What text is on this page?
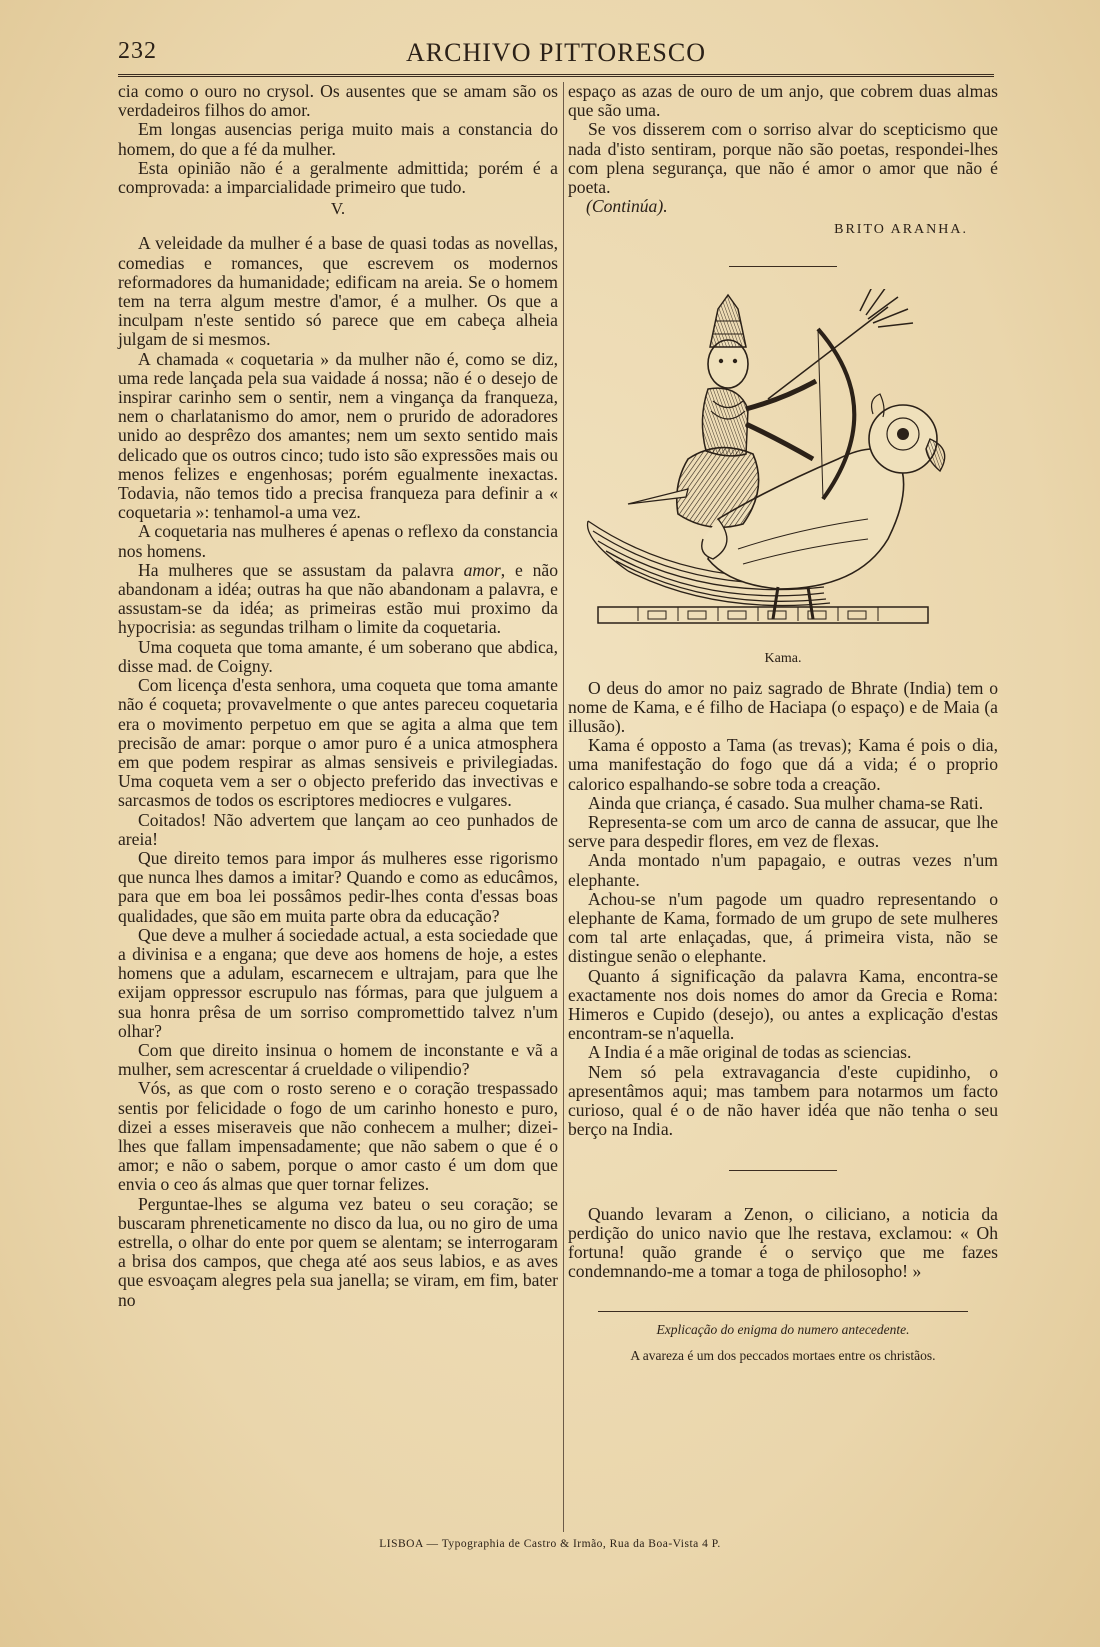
232	ARCHIVO PITTORESCO

cia como o ouro no crysol. Os ausentes que se amam são os verdadeiros filhos do amor.

Em longas ausencias periga muito mais a constancia do homem, do que a fé da mulher.

Esta opinião não é a geralmente admittida; porém é a comprovada: a imparcialidade primeiro que tudo.

V.

A veleidade da mulher é a base de quasi todas as novellas, comedias e romances, que escrevem os modernos reformadores da humanidade; edificam na areia. Se o homem tem na terra algum mestre d'amor, é a mulher. Os que a inculpam n'este sentido só parece que em cabeça alheia julgam de si mesmos.

A chamada « coquetaria » da mulher não é, como se diz, uma rede lançada pela sua vaidade á nossa; não é o desejo de inspirar carinho sem o sentir, nem a vingança da franqueza, nem o charlatanismo do amor, nem o prurido de adoradores unido ao desprêzo dos amantes; nem um sexto sentido mais delicado que os outros cinco; tudo isto são expressões mais ou menos felizes e engenhosas; porém egualmente inexactas. Todavia, não temos tido a precisa franqueza para definir a « coquetaria »: tenhamol-a uma vez.

A coquetaria nas mulheres é apenas o reflexo da constancia nos homens.

Ha mulheres que se assustam da palavra amor, e não abandonam a idéa; outras ha que não abandonam a palavra, e assustam-se da idéa; as primeiras estão mui proximo da hypocrisia: as segundas trilham o limite da coquetaria.

Uma coqueta que toma amante, é um soberano que abdica, disse mad. de Coigny.

Com licença d'esta senhora, uma coqueta que toma amante não é coqueta; provavelmente o que antes pareceu coquetaria era o movimento perpetuo em que se agita a alma que tem precisão de amar: porque o amor puro é a unica atmosphera em que podem respirar as almas sensiveis e privilegiadas. Uma coqueta vem a ser o objecto preferido das invectivas e sarcasmos de todos os escriptores mediocres e vulgares.

Coitados! Não advertem que lançam ao ceo punhados de areia!

Que direito temos para impor ás mulheres esse rigorismo que nunca lhes damos a imitar? Quando e como as educâmos, para que em boa lei possâmos pedir-lhes conta d'essas boas qualidades, que são em muita parte obra da educação?

Que deve a mulher á sociedade actual, a esta sociedade que a divinisa e a engana; que deve aos homens de hoje, a estes homens que a adulam, escarnecem e ultrajam, para que lhe exijam oppressor escrupulo nas fórmas, para que julguem a sua honra prêsa de um sorriso compromettido talvez n'um olhar?

Com que direito insinua o homem de inconstante e vã a mulher, sem acrescentar á crueldade o vilipendio?

Vós, as que com o rosto sereno e o coração trespassado sentis por felicidade o fogo de um carinho honesto e puro, dizei a esses miseraveis que não conhecem a mulher; dizei-lhes que fallam impensadamente; que não sabem o que é o amor; e não o sabem, porque o amor casto é um dom que envia o ceo ás almas que quer tornar felizes.

Perguntae-lhes se alguma vez bateu o seu coração; se buscaram phreneticamente no disco da lua, ou no giro de uma estrella, o olhar do ente por quem se alentam; se interrogaram a brisa dos campos, que chega até aos seus labios, e as aves que esvoaçam alegres pela sua janella; se viram, em fim, bater no

espaço as azas de ouro de um anjo, que cobrem duas almas que são uma.

Se vos disserem com o sorriso alvar do scepticismo que nada d'isto sentiram, porque não são poetas, respondei-lhes com plena segurança, que não é amor o amor que não é poeta.

(Continúa).
BRITO ARANHA.
Kama.

O deus do amor no paiz sagrado de Bhrate (India) tem o nome de Kama, e é filho de Haciapa (o espaço) e de Maia (a illusão).

Kama é opposto a Tama (as trevas); Kama é pois o dia, uma manifestação do fogo que dá a vida; é o proprio calorico espalhando-se sobre toda a creação.

Ainda que criança, é casado. Sua mulher chama-se Rati.

Representa-se com um arco de canna de assucar, que lhe serve para despedir flores, em vez de flexas.

Anda montado n'um papagaio, e outras vezes n'um elephante.

Achou-se n'um pagode um quadro representando o elephante de Kama, formado de um grupo de sete mulheres com tal arte enlaçadas, que, á primeira vista, não se distingue senão o elephante.

Quanto á significação da palavra Kama, encontra-se exactamente nos dois nomes do amor da Grecia e Roma: Himeros e Cupido (desejo), ou antes a explicação d'estas encontram-se n'aquella.

A India é a mãe original de todas as sciencias.

Nem só pela extravagancia d'este cupidinho, o apresentâmos aqui; mas tambem para notarmos um facto curioso, qual é o de não haver idéa que não tenha o seu berço na India.

Quando levaram a Zenon, o ciliciano, a noticia da perdição do unico navio que lhe restava, exclamou: « Oh fortuna! quão grande é o serviço que me fazes condemnando-me a tomar a toga de philosopho! »

Explicação do enigma do numero antecedente.
A avareza é um dos peccados mortaes entre os christãos.
LISBOA — Typographia de Castro & Irmão, Rua da Boa-Vista 4 P.
